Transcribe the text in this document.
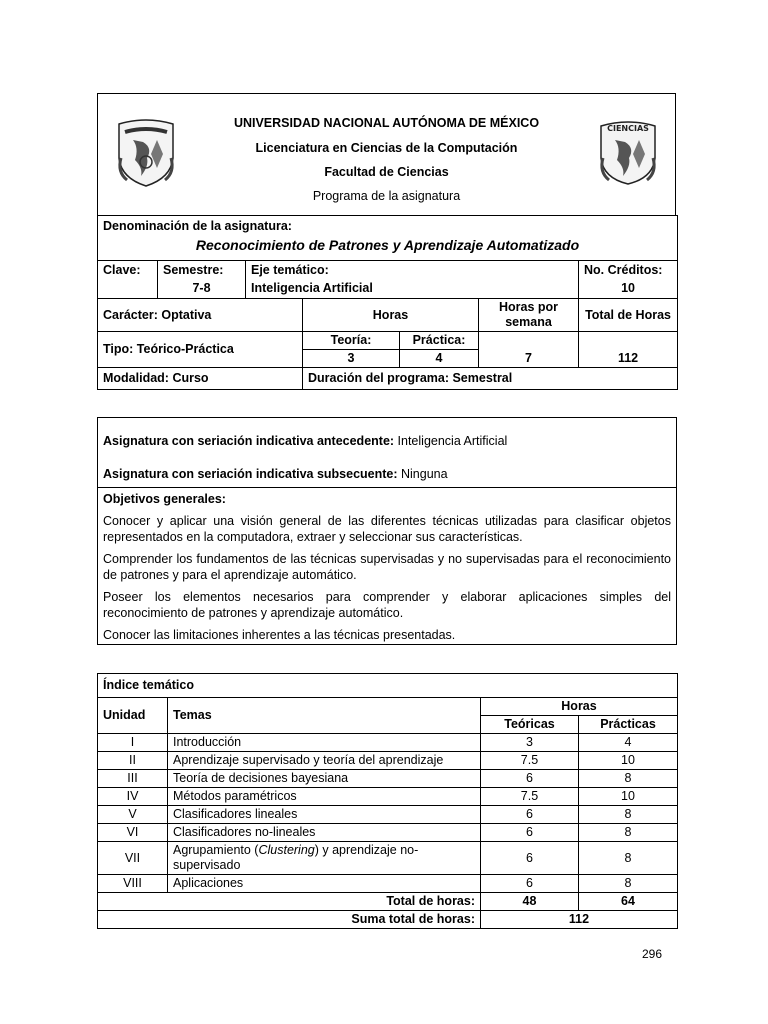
CIENCIAS
UNIVERSIDAD NACIONAL AUTÓNOMA DE MÉXICO
Licenciatura en Ciencias de la Computación
Facultad de Ciencias
Programa de la asignatura
Denominación de la asignatura:
Reconocimiento de Patrones y Aprendizaje Automatizado						

Clave:	Semestre:	Eje temático:				No. Créditos:
	7-8	Inteligencia Artificial				10
Carácter: Optativa			Horas		Horas por semana	Total de Horas
Tipo: Teórico-Práctica			Teoría:	Práctica:	7	112
			3	4		
Modalidad: Curso			Duración del programa: Semestral			
Asignatura con seriación indicativa antecedente: Inteligencia Artificial
Asignatura con seriación indicativa subsecuente: Ninguna

Objetivos generales:

Conocer y aplicar una visión general de las diferentes técnicas utilizadas para clasificar objetos representados en la computadora, extraer y seleccionar sus características.

Comprender los fundamentos de las técnicas supervisadas y no supervisadas para el reconocimiento de patrones y para el aprendizaje automático.

Poseer los elementos necesarios para comprender y elaborar aplicaciones simples del reconocimiento de patrones y aprendizaje automático.

Conocer las limitaciones inherentes a las técnicas presentadas.

Índice temático			
Unidad	Temas	Horas	
		Teóricas	Prácticas
I	Introducción	3	4
II	Aprendizaje supervisado y teoría del aprendizaje	7.5	10
III	Teoría de decisiones bayesiana	6	8
IV	Métodos paramétricos	7.5	10
V	Clasificadores lineales	6	8
VI	Clasificadores no-lineales	6	8
VII	Agrupamiento (Clustering) y aprendizaje no-supervisado	6	8
VIII	Aplicaciones	6	8
Total de horas:		48	64
Suma total de horas:		112	
296
